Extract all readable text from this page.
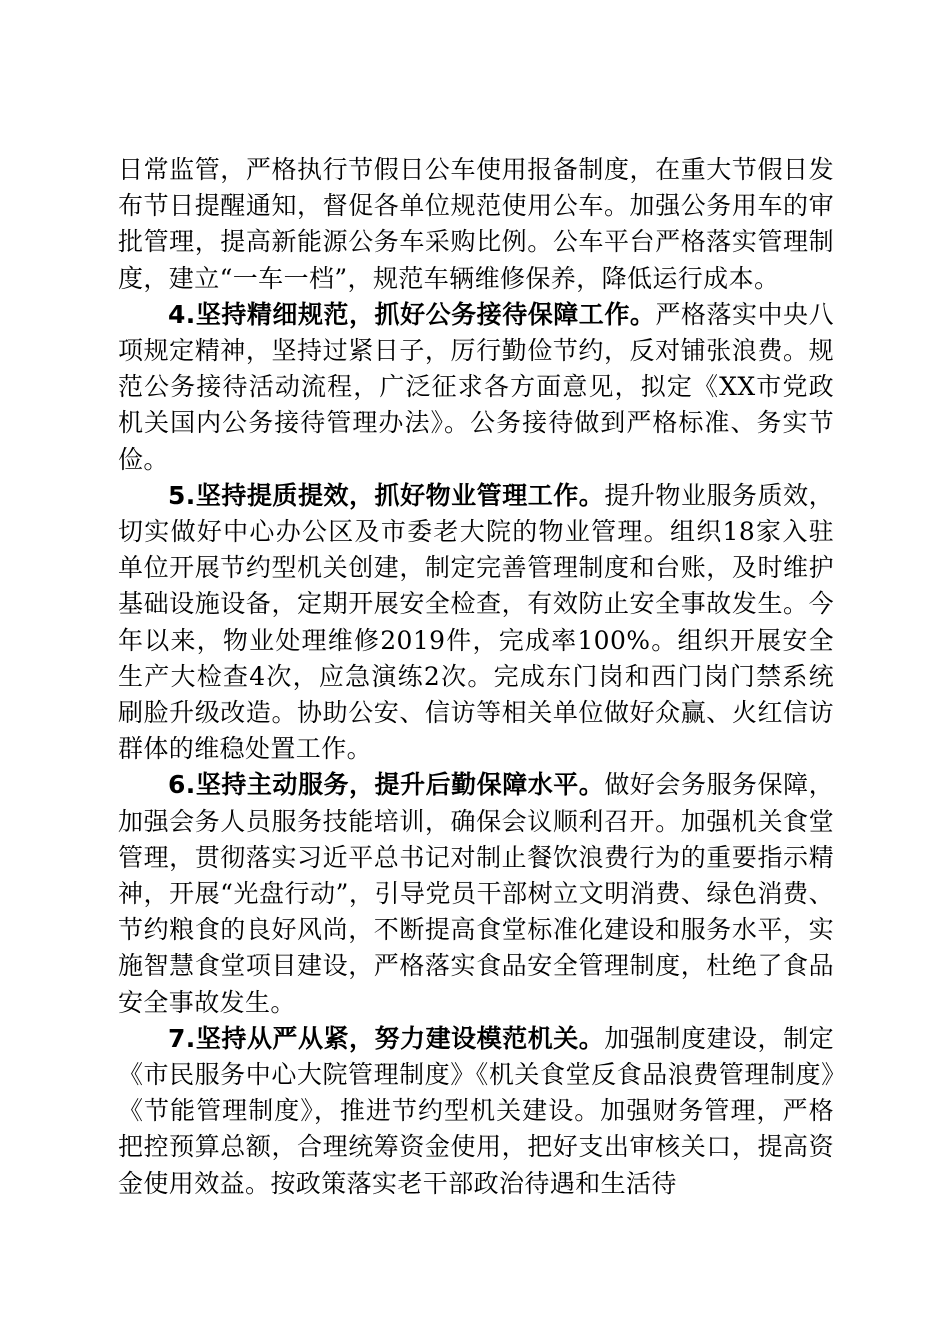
日常监管，严格执行节假日公车使用报备制度，在重大节假日发布节日提醒通知，督促各单位规范使用公车。加强公务用车的审批管理，提高新能源公务车采购比例。公车平台严格落实管理制度，建立“一车一档”，规范车辆维修保养，降低运行成本。

4.坚持精细规范，抓好公务接待保障工作。严格落实中央八项规定精神，坚持过紧日子，厉行勤俭节约，反对铺张浪费。规范公务接待活动流程，广泛征求各方面意见，拟定《XX市党政机关国内公务接待管理办法》。公务接待做到严格标准、务实节俭。

5.坚持提质提效，抓好物业管理工作。提升物业服务质效，切实做好中心办公区及市委老大院的物业管理。组织18家入驻单位开展节约型机关创建，制定完善管理制度和台账，及时维护基础设施设备，定期开展安全检查，有效防止安全事故发生。今年以来，物业处理维修2019件，完成率100%。组织开展安全生产大检查4次，应急演练2次。完成东门岗和西门岗门禁系统刷脸升级改造。协助公安、信访等相关单位做好众赢、火红信访群体的维稳处置工作。

6.坚持主动服务，提升后勤保障水平。做好会务服务保障，加强会务人员服务技能培训，确保会议顺利召开。加强机关食堂管理，贯彻落实习近平总书记对制止餐饮浪费行为的重要指示精神，开展“光盘行动”，引导党员干部树立文明消费、绿色消费、节约粮食的良好风尚，不断提高食堂标准化建设和服务水平，实施智慧食堂项目建设，严格落实食品安全管理制度，杜绝了食品安全事故发生。

7.坚持从严从紧，努力建设模范机关。加强制度建设，制定《市民服务中心大院管理制度》《机关食堂反食品浪费管理制度》《节能管理制度》，推进节约型机关建设。加强财务管理，严格把控预算总额，合理统筹资金使用，把好支出审核关口，提高资金使用效益。按政策落实老干部政治待遇和生活待
